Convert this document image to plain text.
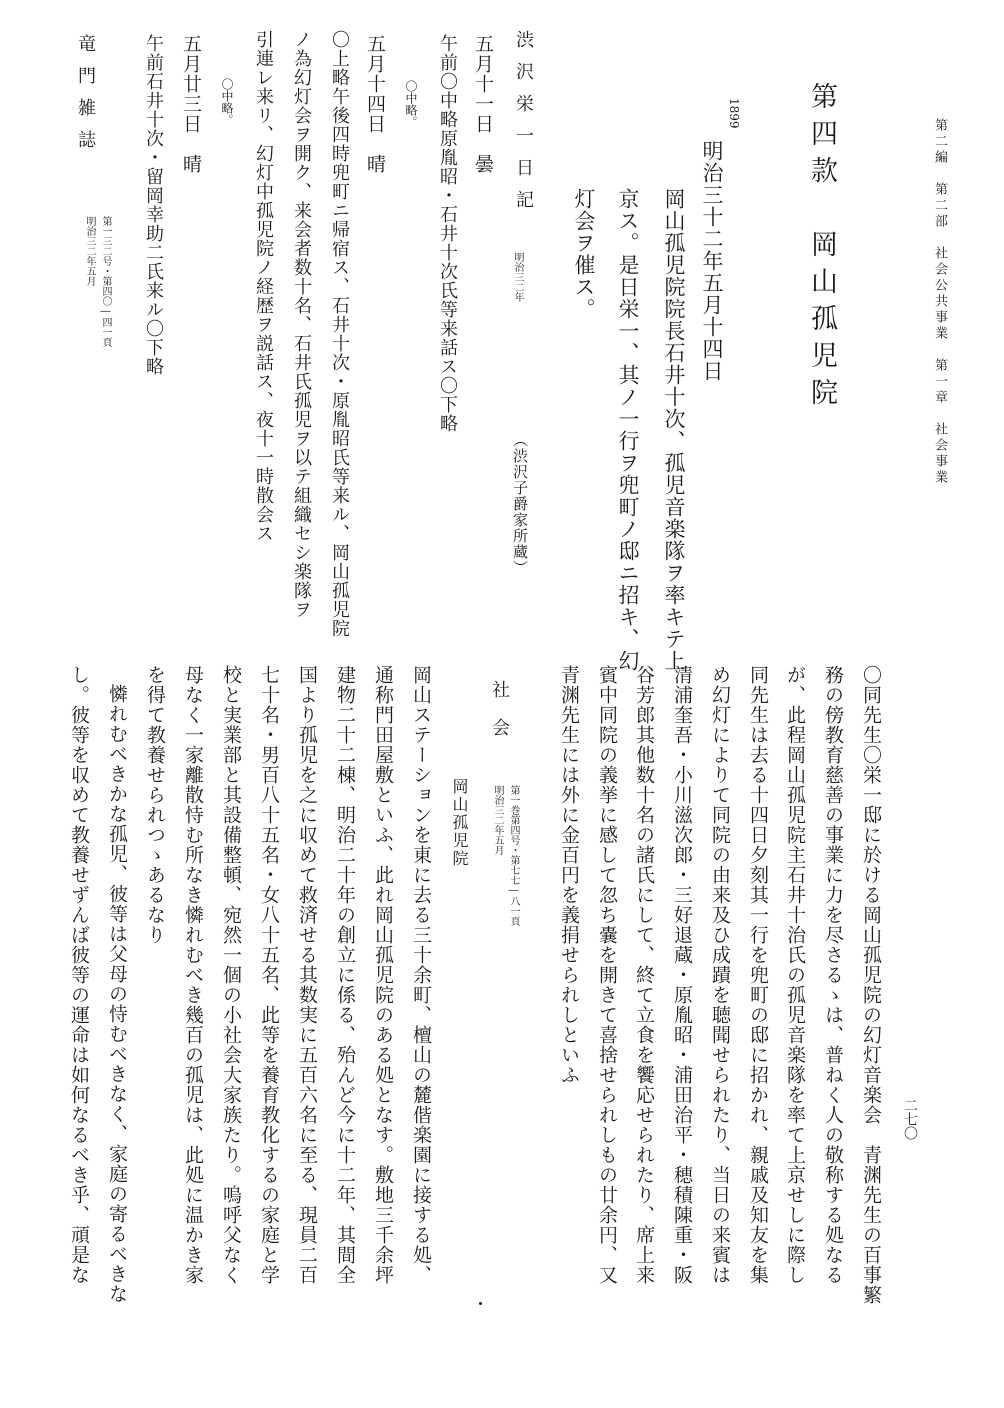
第二編　第二部　社会公共事業　第一章　社会事業
第四款　岡山孤児院
1899
明治三十二年五月十四日
岡山孤児院院長石井十次、孤児音楽隊ヲ率キテ上
京ス。是日栄一、其ノ一行ヲ兜町ノ邸ニ招キ、幻
灯会ヲ催ス。
渋沢栄一日記
明治三二年
（渋沢子爵家所蔵）
五月十一日　曇
午前〇中略原胤昭・石井十次氏等来話ス〇下略
〇中略。
五月十四日　晴
〇上略午後四時兜町ニ帰宿ス、石井十次・原胤昭氏等来ル、岡山孤児院
ノ為幻灯会ヲ開ク、来会者数十名、石井氏孤児ヲ以テ組織セシ楽隊ヲ
引連レ来リ、幻灯中孤児院ノ経歴ヲ説話ス、夜十一時散会ス
〇中略。
五月廿三日　晴
午前石井十次・留岡幸助二氏来ル〇下略
竜門雑誌
第一三二号・第四〇―四一頁
明治三二年五月
二七〇
〇同先生〇栄一邸に於ける岡山孤児院の幻灯音楽会　青渊先生の百事繁
務の傍教育慈善の事業に力を尽さるゝは、普ねく人の敬称する処なる
が、此程岡山孤児院主石井十治氏の孤児音楽隊を率て上京せしに際し
同先生は去る十四日夕刻其一行を兜町の邸に招かれ、親戚及知友を集
め幻灯によりて同院の由来及ひ成蹟を聴聞せられたり、当日の来賓は
清浦奎吾・小川滋次郎・三好退蔵・原胤昭・浦田治平・穂積陳重・阪
谷芳郎其他数十名の諸氏にして、終て立食を饗応せられたり、席上来
賓中同院の義挙に感して忽ち嚢を開きて喜捨せられしもの廿余円、又
青渊先生には外に金百円を義捐せられしといふ
社会
第一巻第四号・第七七―八一頁
明治三二年五月
岡山孤児院
岡山ステーションを東に去る三十余町、檀山の麓偕楽園に接する処、
通称門田屋敷といふ、此れ岡山孤児院のある処となす。敷地三千余坪
建物二十二棟、明治二十年の創立に係る、殆んど今に十二年、其間全
国より孤児を之に収めて救済せる其数実に五百六名に至る、現員二百
七十名・男百八十五名・女八十五名、此等を養育教化するの家庭と学
校と実業部と其設備整頓、宛然一個の小社会大家族たり。嗚呼父なく
母なく一家離散恃む所なき憐れむべき幾百の孤児は、此処に温かき家
を得て教養せられつゝあるなり
憐れむべきかな孤児、彼等は父母の恃むべきなく、家庭の寄るべきな
し。彼等を収めて教養せずんば彼等の運命は如何なるべき乎、頑是な
